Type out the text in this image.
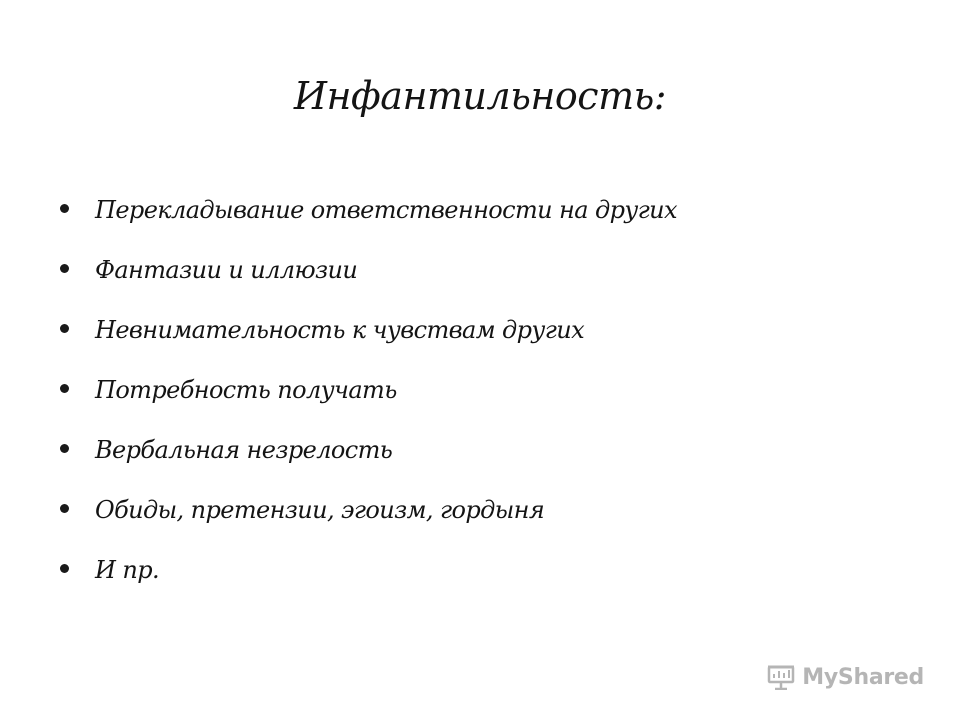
Инфантильность:
Перекладывание ответственности на других
Фантазии и иллюзии
Невнимательность к чувствам других
Потребность получать
Вербальная незрелость
Обиды, претензии, эгоизм, гордыня
И пр.
MyShared
